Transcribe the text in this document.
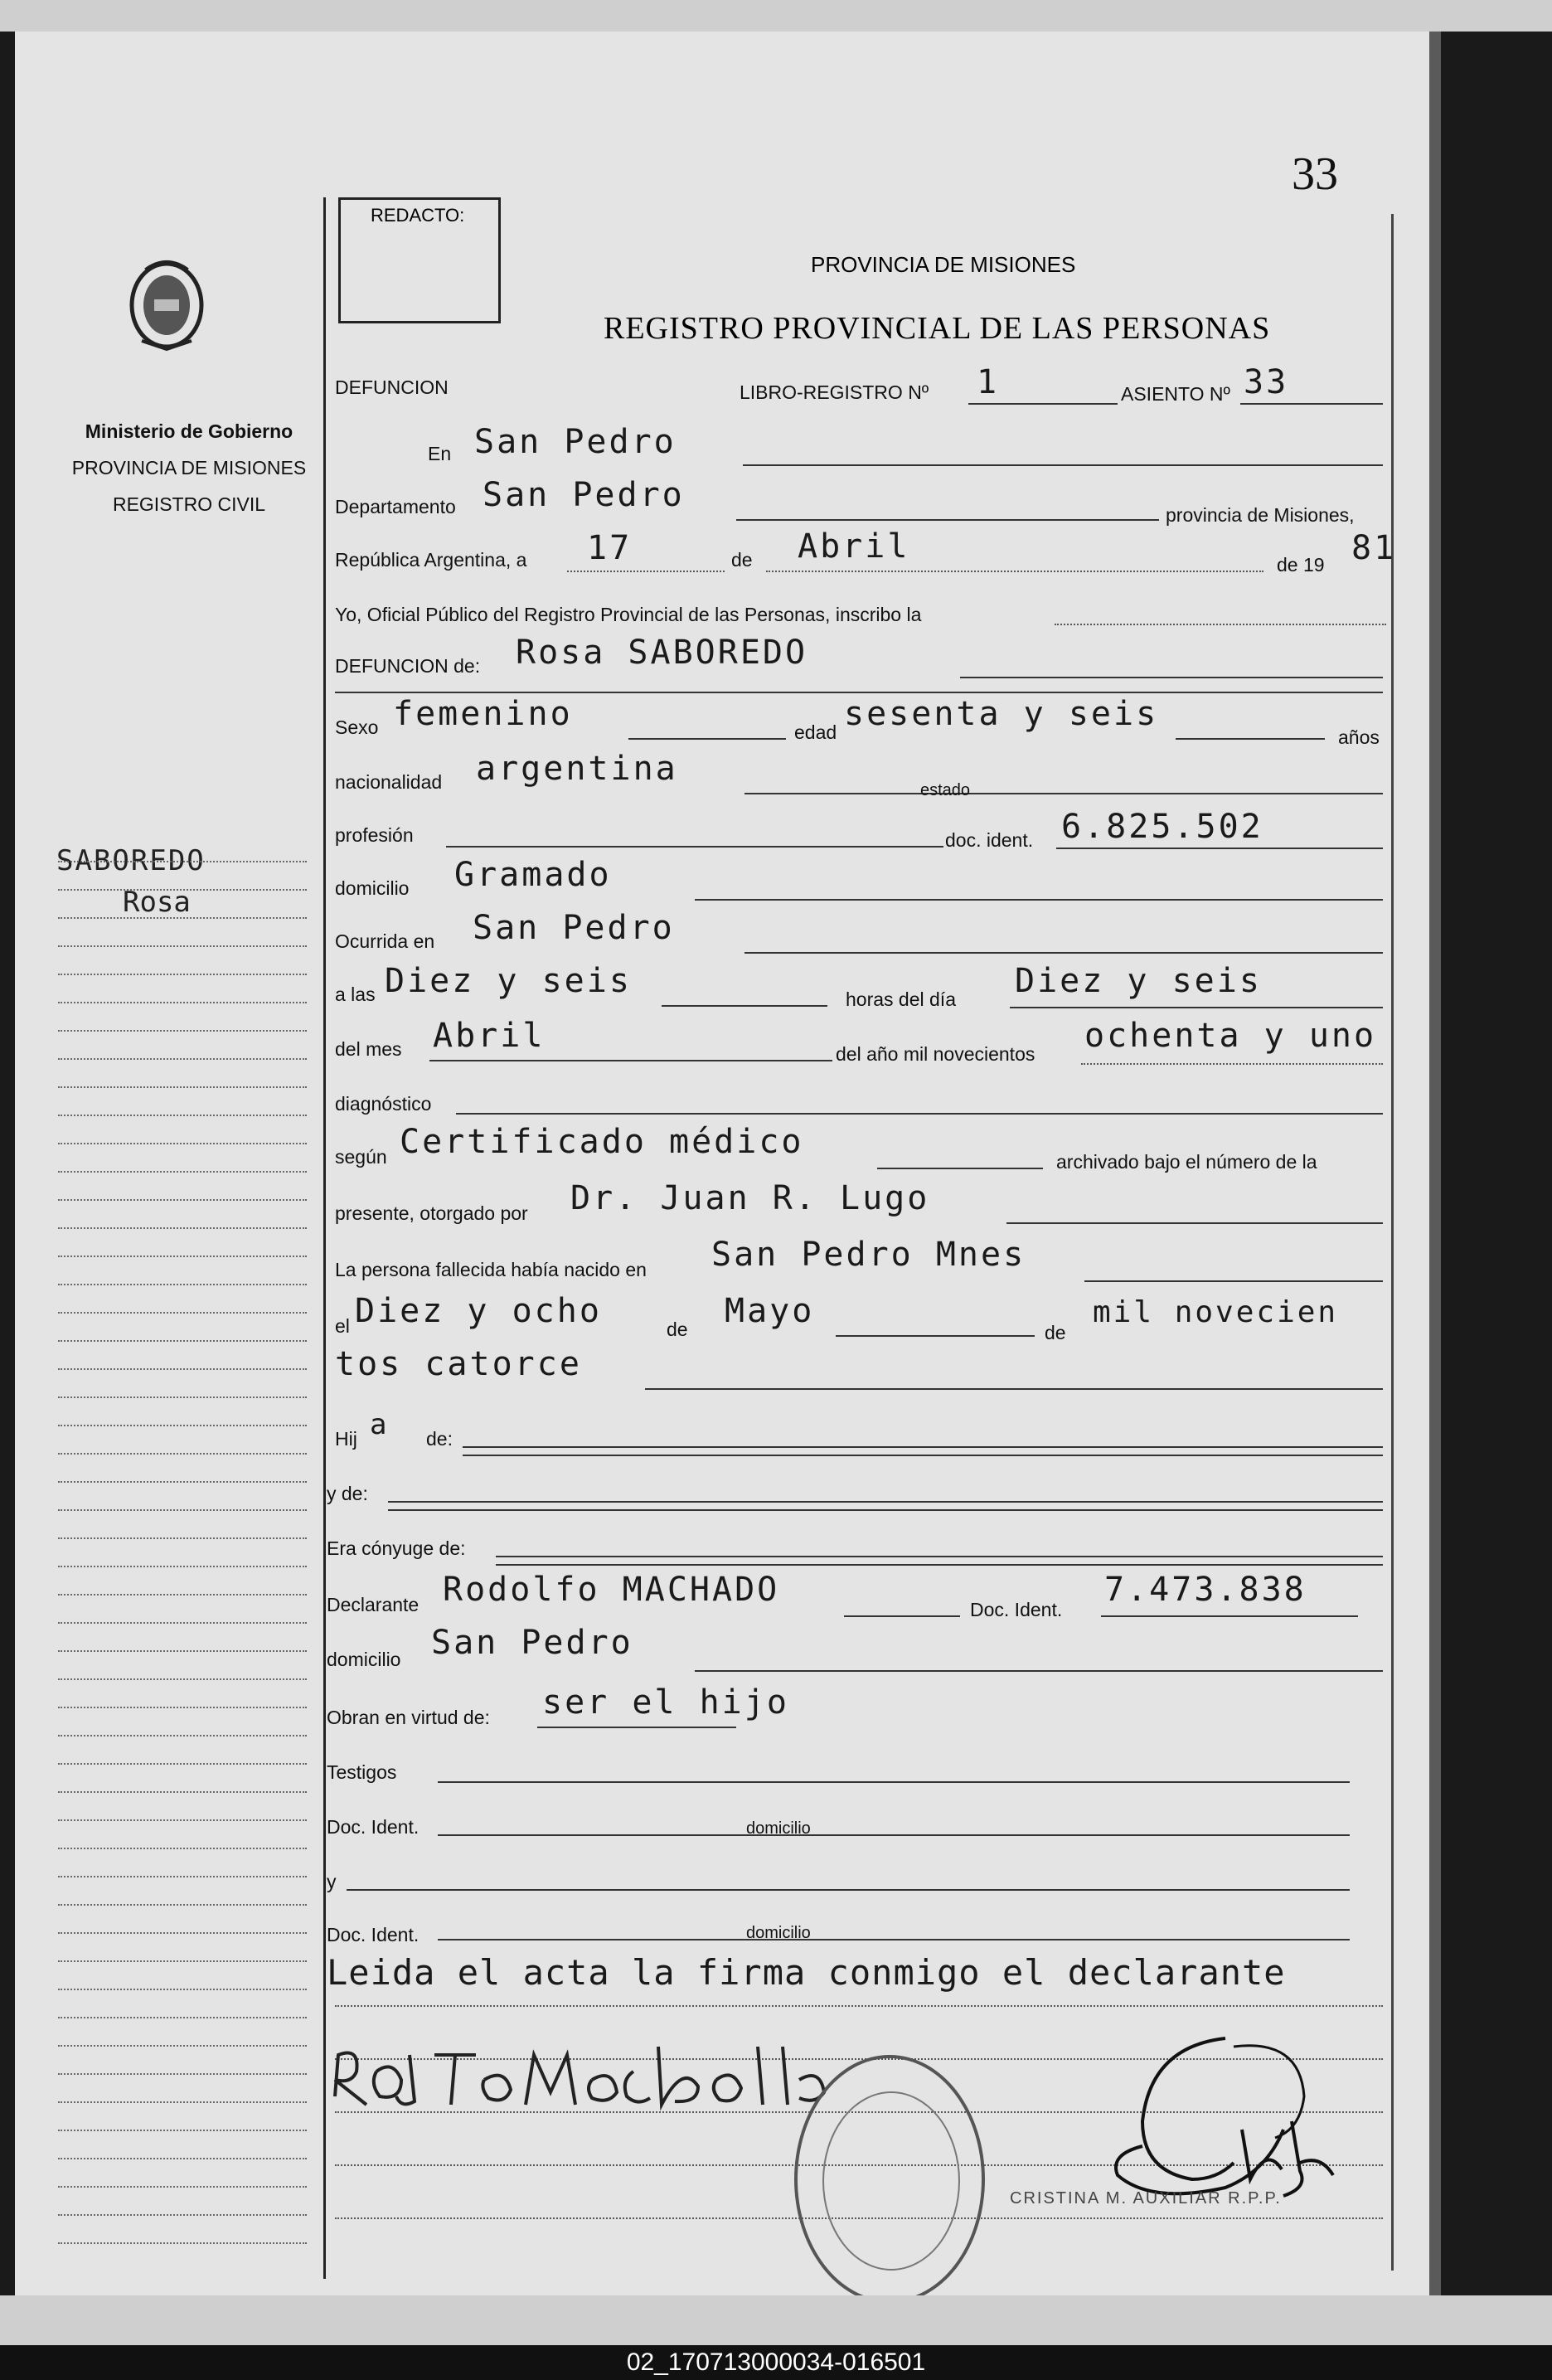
33
REDACTO:
PROVINCIA DE MISIONES
REGISTRO PROVINCIAL DE LAS PERSONAS
Ministerio de Gobierno
PROVINCIA DE MISIONES
REGISTRO CIVIL
SABOREDO
Rosa
DEFUNCION	LIBRO-REGISTRO Nº 1	ASIENTO Nº 33
En San Pedro
Departamento San Pedro
provincia de Misiones,
República Argentina, a 17	de Abril	de 19 81
Yo, Oficial Público del Registro Provincial de las Personas, inscribo la
DEFUNCION de: Rosa SABOREDO
Sexo femenino	edad sesenta y seis
años
nacionalidad argentina
estado
profesión	doc. ident. 6.825.502
domicilio Gramado
Ocurrida en San Pedro
a las Diez y seis	horas del día Diez y seis
del mes Abril	del año mil novecientos ochenta y uno
diagnóstico
según Certificado médico
archivado bajo el número de la
presente, otorgado por Dr. Juan R. Lugo
La persona fallecida había nacido en San Pedro Mnes
el Diez y ocho	de Mayo
de
mil novecien
tos catorce
Hij a de:
y de:
Era cónyuge de:
Declarante Rodolfo MACHADO
Doc. Ident.
7.473.838
domicilio San Pedro
Obran en virtud de: ser el hijo
Testigos
Doc. Ident.	domicilio
y
Doc. Ident.	domicilio
Leida el acta la firma conmigo el declarante
CRISTINA M. AUXILIAR R.P.P.
02_170713000034-016501
